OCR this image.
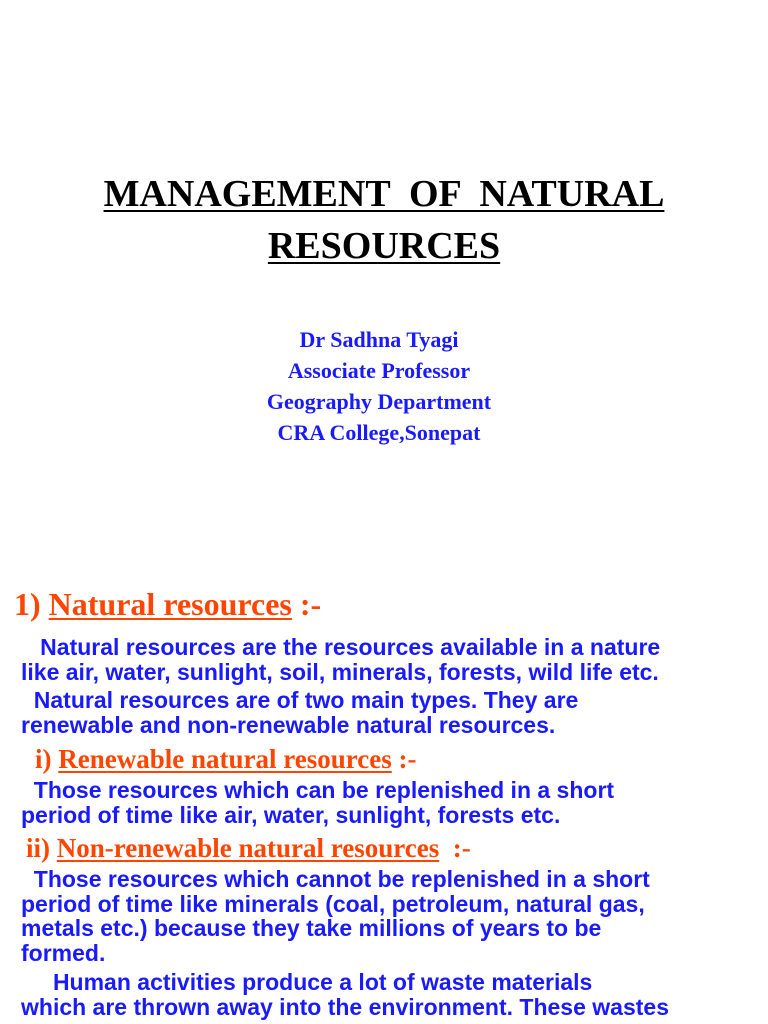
MANAGEMENT  OF  NATURAL
RESOURCES
Dr Sadhna Tyagi
Associate Professor
Geography Department
CRA College,Sonepat
1) Natural resources :-
Natural resources are the resources available in a nature
like air, water, sunlight, soil, minerals, forests, wild life etc.
Natural resources are of two main types. They are
renewable and non-renewable natural resources.
i) Renewable natural resources :-
Those resources which can be replenished in a short
period of time like air, water, sunlight, forests etc.
ii) Non-renewable natural resources  :-
Those resources which cannot be replenished in a short
period of time like minerals (coal, petroleum, natural gas,
metals etc.) because they take millions of years to be
formed.
Human activities produce a lot of waste materials
which are thrown away into the environment. These wastes
